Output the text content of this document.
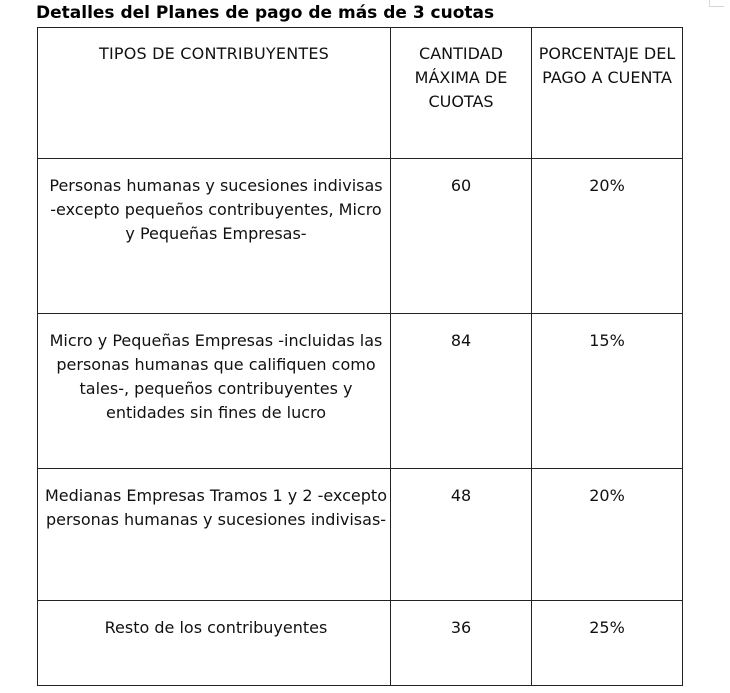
Detalles del Planes de pago de más de 3 cuotas
TIPOS DE CONTRIBUYENTES	CANTIDAD MÁXIMA DE CUOTAS	PORCENTAJE DEL PAGO A CUENTA

Personas humanas y sucesiones indivisas -excepto pequeños contribuyentes, Micro y Pequeñas Empresas-	60	20%

Micro y Pequeñas Empresas -incluidas las personas humanas que califiquen como tales-, pequeños contribuyentes y entidades sin fines de lucro	84	15%

Medianas Empresas Tramos 1 y 2 -excepto personas humanas y sucesiones indivisas-	48	20%

Resto de los contribuyentes	36	25%
